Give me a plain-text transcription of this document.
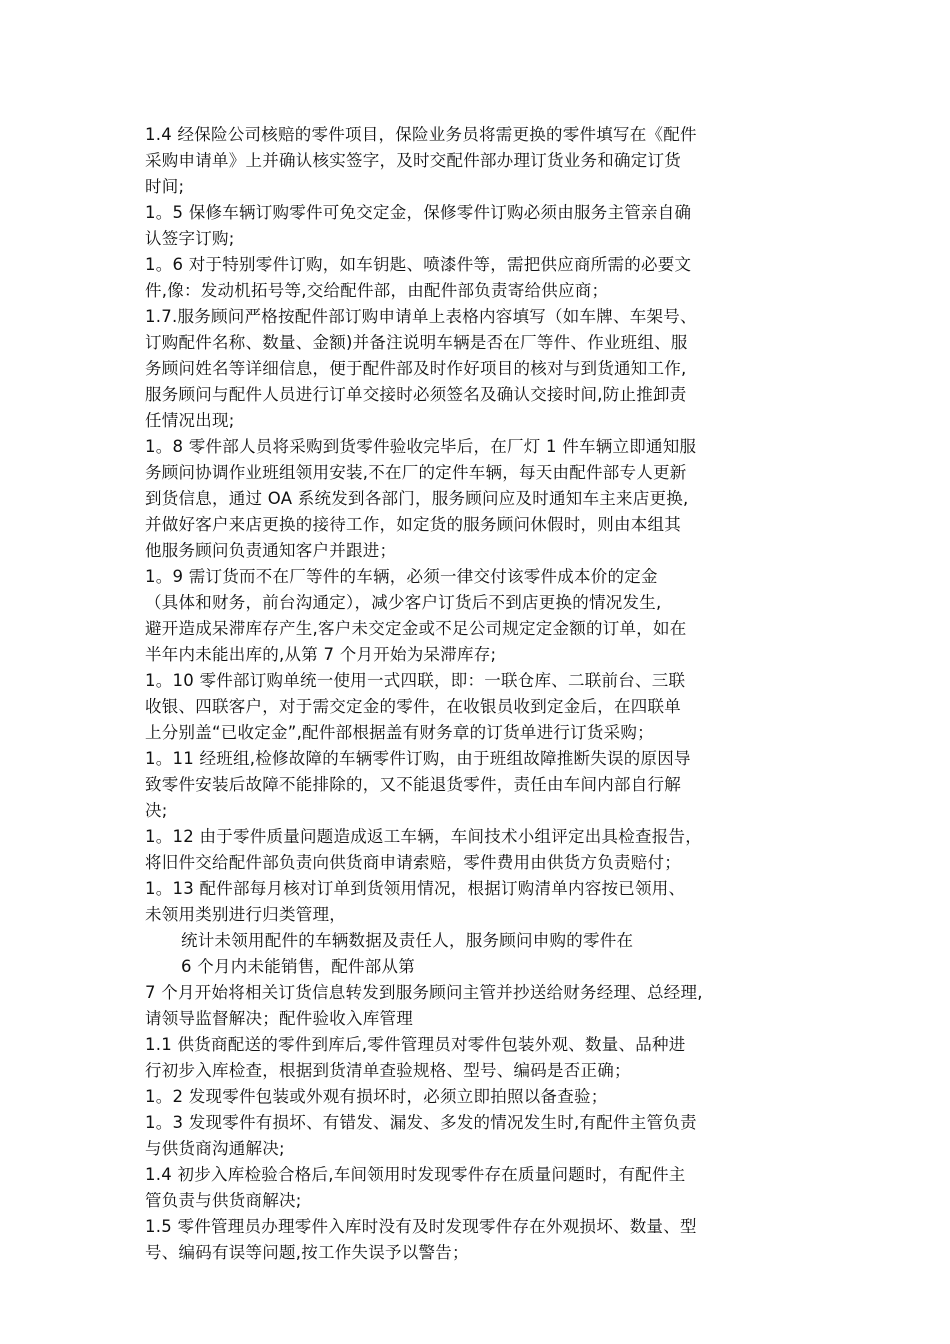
1.4 经保险公司核赔的零件项目，保险业务员将需更换的零件填写在《配件
采购申请单》上并确认核实签字，及时交配件部办理订货业务和确定订货
时间;
1。5 保修车辆订购零件可免交定金，保修零件订购必须由服务主管亲自确
认签字订购;
1。6 对于特别零件订购，如车钥匙、喷漆件等，需把供应商所需的必要文
件,像：发动机拓号等,交给配件部，由配件部负责寄给供应商；
1.7.服务顾问严格按配件部订购申请单上表格内容填写（如车牌、车架号、
订购配件名称、数量、金额)并备注说明车辆是否在厂等件、作业班组、服
务顾问姓名等详细信息，便于配件部及时作好项目的核对与到货通知工作,
服务顾问与配件人员进行订单交接时必须签名及确认交接时间,防止推卸责
任情况出现;
1。8 零件部人员将采购到货零件验收完毕后，在厂灯 1 件车辆立即通知服
务顾问协调作业班组领用安装,不在厂的定件车辆，每天由配件部专人更新
到货信息，通过 OA 系统发到各部门，服务顾问应及时通知车主来店更换,
并做好客户来店更换的接待工作，如定货的服务顾问休假时，则由本组其
他服务顾问负责通知客户并跟进；
1。9 需订货而不在厂等件的车辆，必须一律交付该零件成本价的定金
（具体和财务，前台沟通定），减少客户订货后不到店更换的情况发生,
避开造成呆滞库存产生,客户未交定金或不足公司规定定金额的订单，如在
半年内未能出库的,从第 7 个月开始为呆滞库存;
1。10 零件部订购单统一使用一式四联，即：一联仓库、二联前台、三联
收银、四联客户，对于需交定金的零件，在收银员收到定金后，在四联单
上分别盖“已收定金”,配件部根据盖有财务章的订货单进行订货采购；
1。11 经班组,检修故障的车辆零件订购，由于班组故障推断失误的原因导
致零件安装后故障不能排除的，又不能退货零件，责任由车间内部自行解
决;
1。12 由于零件质量问题造成返工车辆，车间技术小组评定出具检查报告，
将旧件交给配件部负责向供货商申请索赔，零件费用由供货方负责赔付；
1。13 配件部每月核对订单到货领用情况，根据订购清单内容按已领用、
未领用类别进行归类管理，
统计未领用配件的车辆数据及责任人，服务顾问申购的零件在
6 个月内未能销售，配件部从第
7 个月开始将相关订货信息转发到服务顾问主管并抄送给财务经理、总经理,
请领导监督解决；配件验收入库管理
1.1 供货商配送的零件到库后,零件管理员对零件包装外观、数量、品种进
行初步入库检查，根据到货清单查验规格、型号、编码是否正确；
1。2 发现零件包装或外观有损坏时，必须立即拍照以备查验；
1。3 发现零件有损坏、有错发、漏发、多发的情况发生时,有配件主管负责
与供货商沟通解决;
1.4 初步入库检验合格后,车间领用时发现零件存在质量问题时，有配件主
管负责与供货商解决;
1.5 零件管理员办理零件入库时没有及时发现零件存在外观损坏、数量、型
号、编码有误等问题,按工作失误予以警告；
